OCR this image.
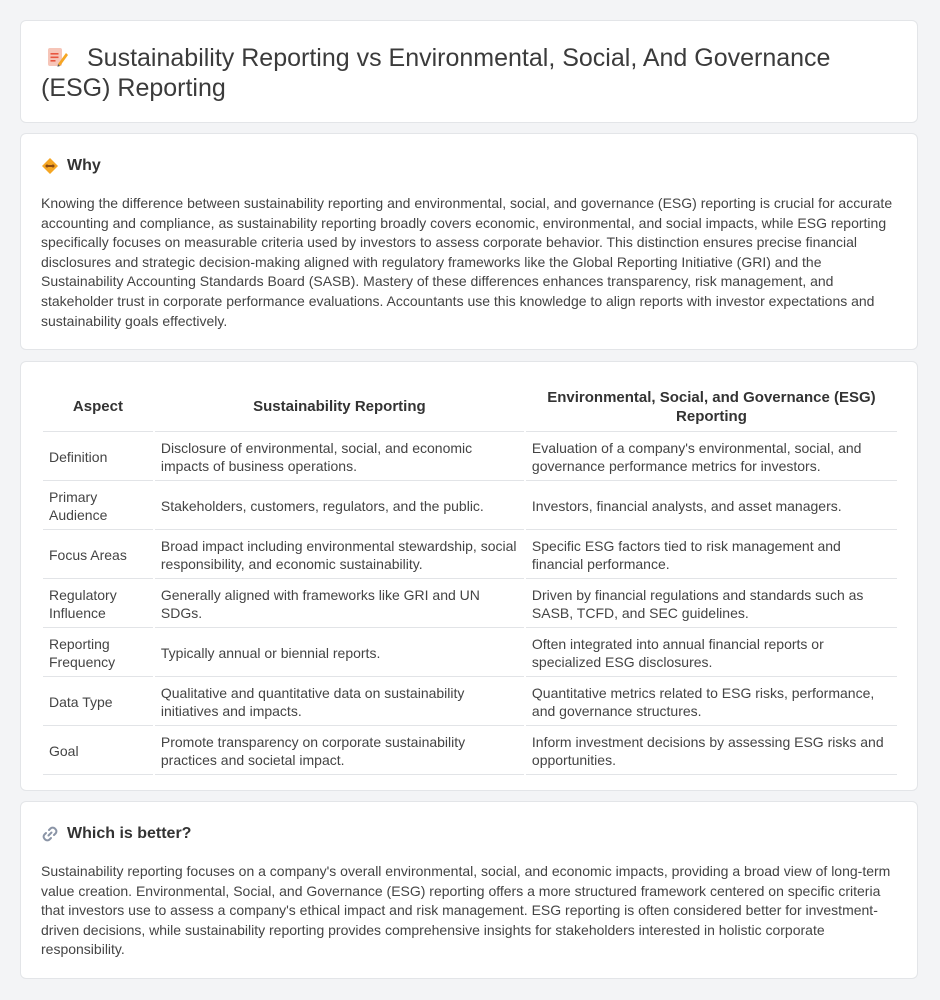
Sustainability Reporting vs Environmental, Social, And Governance (ESG) Reporting
Why

Knowing the difference between sustainability reporting and environmental, social, and governance (ESG) reporting is crucial for accurate accounting and compliance, as sustainability reporting broadly covers economic, environmental, and social impacts, while ESG reporting specifically focuses on measurable criteria used by investors to assess corporate behavior. This distinction ensures precise financial disclosures and strategic decision-making aligned with regulatory frameworks like the Global Reporting Initiative (GRI) and the Sustainability Accounting Standards Board (SASB). Mastery of these differences enhances transparency, risk management, and stakeholder trust in corporate performance evaluations. Accountants use this knowledge to align reports with investor expectations and sustainability goals effectively.

Aspect	Sustainability Reporting	Environmental, Social, and Governance (ESG) Reporting
Definition	Disclosure of environmental, social, and economic impacts of business operations.	Evaluation of a company's environmental, social, and governance performance metrics for investors.
Primary Audience	Stakeholders, customers, regulators, and the public.	Investors, financial analysts, and asset managers.
Focus Areas	Broad impact including environmental stewardship, social responsibility, and economic sustainability.	Specific ESG factors tied to risk management and financial performance.
Regulatory Influence	Generally aligned with frameworks like GRI and UN SDGs.	Driven by financial regulations and standards such as SASB, TCFD, and SEC guidelines.
Reporting Frequency	Typically annual or biennial reports.	Often integrated into annual financial reports or specialized ESG disclosures.
Data Type	Qualitative and quantitative data on sustainability initiatives and impacts.	Quantitative metrics related to ESG risks, performance, and governance structures.
Goal	Promote transparency on corporate sustainability practices and societal impact.	Inform investment decisions by assessing ESG risks and opportunities.
Which is better?

Sustainability reporting focuses on a company's overall environmental, social, and economic impacts, providing a broad view of long-term value creation. Environmental, Social, and Governance (ESG) reporting offers a more structured framework centered on specific criteria that investors use to assess a company's ethical impact and risk management. ESG reporting is often considered better for investment-driven decisions, while sustainability reporting provides comprehensive insights for stakeholders interested in holistic corporate responsibility.
